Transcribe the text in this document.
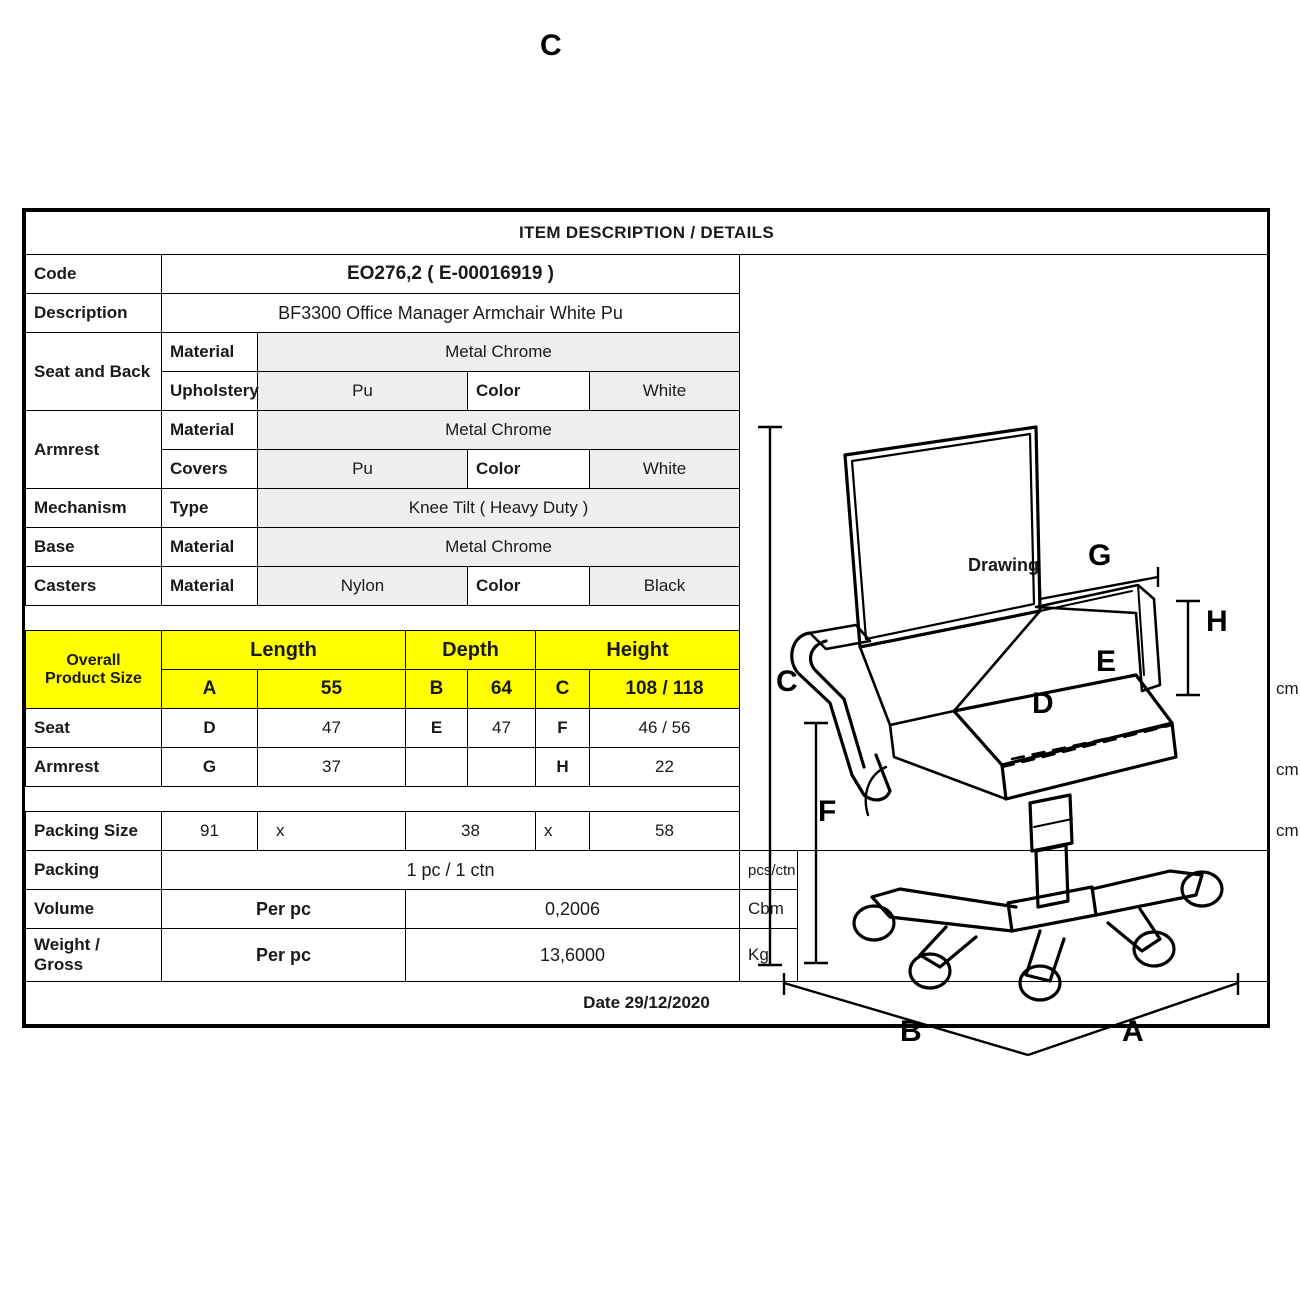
ITEM DESCRIPTION / DETAILS								
Code	EO276,2 ( E-00016919 )	
Drawing
C
C
F
G
H
E
D
B	A

Description	BF3300 Office Manager Armchair White Pu							
Seat and Back	Material	Metal Chrome						
	Upholstery	Pu		Color		White		
Armrest	Material	Metal Chrome						
	Covers	Pu		Color		White		
Mechanism	Type	Knee Tilt ( Heavy Duty )						
Base	Material	Metal Chrome						
Casters	Material	Nylon		Color		Black		

Overall Product Size	Length		Depth		Height			
	A	55	B	64	C	108 / 118		cm
Seat	D	47	E	47	F	46 / 56		cm
Armrest	G	37			H	22		

Packing Size	91	x	38		x	58		cm
Packing	1 pc / 1 ctn						pcs/ctn	
Volume	Per pc		0,2006				Cbm	
Weight / Gross	Per pc		13,6000				Kg	
Date 29/12/2020								
